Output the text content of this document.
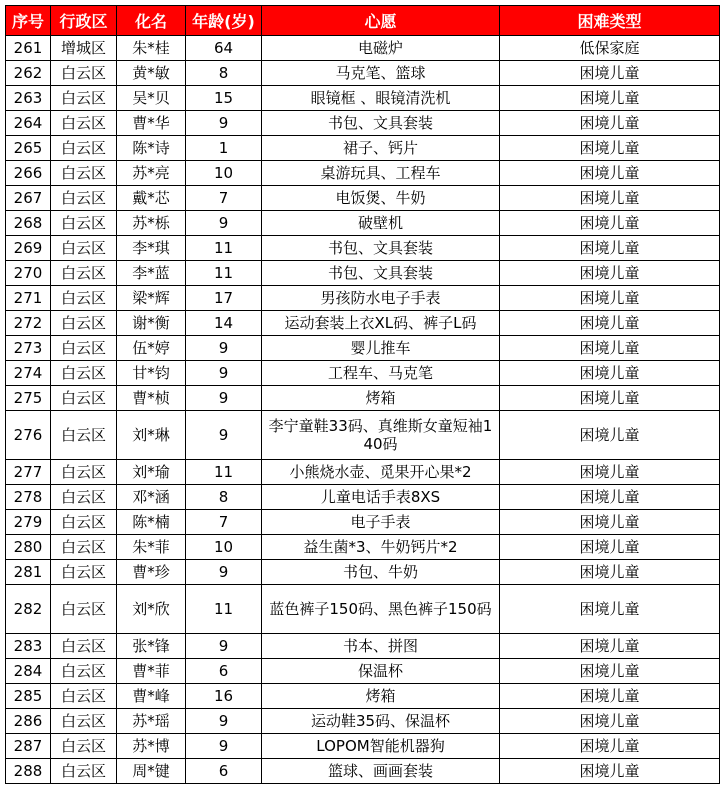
序号	行政区	化名	年龄(岁)	心愿	困难类型
261	增城区	朱*桂	64	电磁炉	低保家庭
262	白云区	黄*敏	8	马克笔、篮球	困境儿童
263	白云区	吴*贝	15	眼镜框 、眼镜清洗机	困境儿童
264	白云区	曹*华	9	书包、文具套装	困境儿童
265	白云区	陈*诗	1	裙子、钙片	困境儿童
266	白云区	苏*亮	10	桌游玩具、工程车	困境儿童
267	白云区	戴*芯	7	电饭煲、牛奶	困境儿童
268	白云区	苏*栎	9	破壁机	困境儿童
269	白云区	李*琪	11	书包、文具套装	困境儿童
270	白云区	李*蓝	11	书包、文具套装	困境儿童
271	白云区	梁*辉	17	男孩防水电子手表	困境儿童
272	白云区	谢*衡	14	运动套装上衣XL码、裤子L码	困境儿童
273	白云区	伍*婷	9	婴儿推车	困境儿童
274	白云区	甘*钧	9	工程车、马克笔	困境儿童
275	白云区	曹*桢	9	烤箱	困境儿童
276	白云区	刘*琳	9	李宁童鞋33码、真维斯女童短袖140码	困境儿童
277	白云区	刘*瑜	11	小熊烧水壶、觅果开心果*2	困境儿童
278	白云区	邓*涵	8	儿童电话手表8XS	困境儿童
279	白云区	陈*楠	7	电子手表	困境儿童
280	白云区	朱*菲	10	益生菌*3、牛奶钙片*2	困境儿童
281	白云区	曹*珍	9	书包、牛奶	困境儿童
282	白云区	刘*欣	11	蓝色裤子150码、黑色裤子150码	困境儿童
283	白云区	张*锋	9	书本、拼图	困境儿童
284	白云区	曹*菲	6	保温杯	困境儿童
285	白云区	曹*峰	16	烤箱	困境儿童
286	白云区	苏*瑶	9	运动鞋35码、保温杯	困境儿童
287	白云区	苏*博	9	LOPOM智能机器狗	困境儿童
288	白云区	周*键	6	篮球、画画套装	困境儿童
